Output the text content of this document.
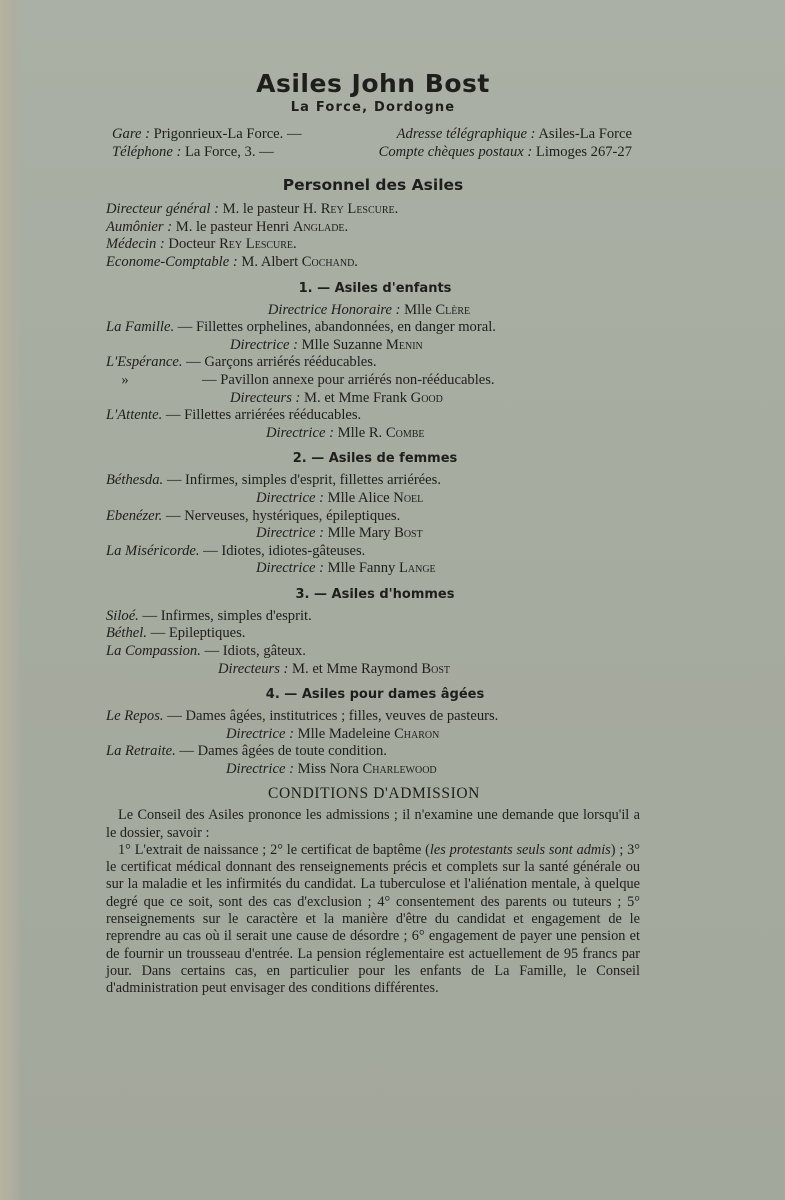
Asiles John Bost
La Force, Dordogne
Gare : Prigonrieux-La Force. —	Adresse télégraphique : Asiles-La Force
Téléphone : La Force, 3. —	Compte chèques postaux : Limoges 267-27
Personnel des Asiles
Directeur général : M. le pasteur H. Rey Lescure.
Aumônier : M. le pasteur Henri Anglade.
Médecin : Docteur Rey Lescure.
Econome-Comptable : M. Albert Cochand.
1. — Asiles d'enfants
Directrice Honoraire : Mlle Clère
La Famille. — Fillettes orphelines, abandonnées, en danger moral.
Directrice : Mlle Suzanne Menin
L'Espérance. — Garçons arriérés rééducables.
»	— Pavillon annexe pour arriérés non-rééducables.
Directeurs : M. et Mme Frank Good
L'Attente. — Fillettes arriérées rééducables.
Directrice : Mlle R. Combe
2. — Asiles de femmes
Béthesda. — Infirmes, simples d'esprit, fillettes arriérées.
Directrice : Mlle Alice Noel
Ebenézer. — Nerveuses, hystériques, épileptiques.
Directrice : Mlle Mary Bost
La Miséricorde. — Idiotes, idiotes-gâteuses.
Directrice : Mlle Fanny Lange
3. — Asiles d'hommes
Siloé. — Infirmes, simples d'esprit.
Béthel. — Epileptiques.
La Compassion. — Idiots, gâteux.
Directeurs : M. et Mme Raymond Bost
4. — Asiles pour dames âgées
Le Repos. — Dames âgées, institutrices ; filles, veuves de pasteurs.
Directrice : Mlle Madeleine Charon
La Retraite. — Dames âgées de toute condition.
Directrice : Miss Nora Charlewood
CONDITIONS D'ADMISSION
Le Conseil des Asiles prononce les admissions ; il n'examine une demande que lorsqu'il a le dossier, savoir :
1° L'extrait de naissance ; 2° le certificat de baptême (les protestants seuls sont admis) ; 3° le certificat médical donnant des renseignements précis et complets sur la santé générale ou sur la maladie et les infirmités du candidat. La tuberculose et l'aliénation mentale, à quelque degré que ce soit, sont des cas d'exclusion ; 4° consentement des parents ou tuteurs ; 5° renseignements sur le caractère et la manière d'être du candidat et engagement de le reprendre au cas où il serait une cause de désordre ; 6° engagement de payer une pension et de fournir un trousseau d'entrée. La pension réglementaire est actuellement de 95 francs par jour. Dans certains cas, en particulier pour les enfants de La Famille, le Conseil d'administration peut envisager des conditions différentes.
